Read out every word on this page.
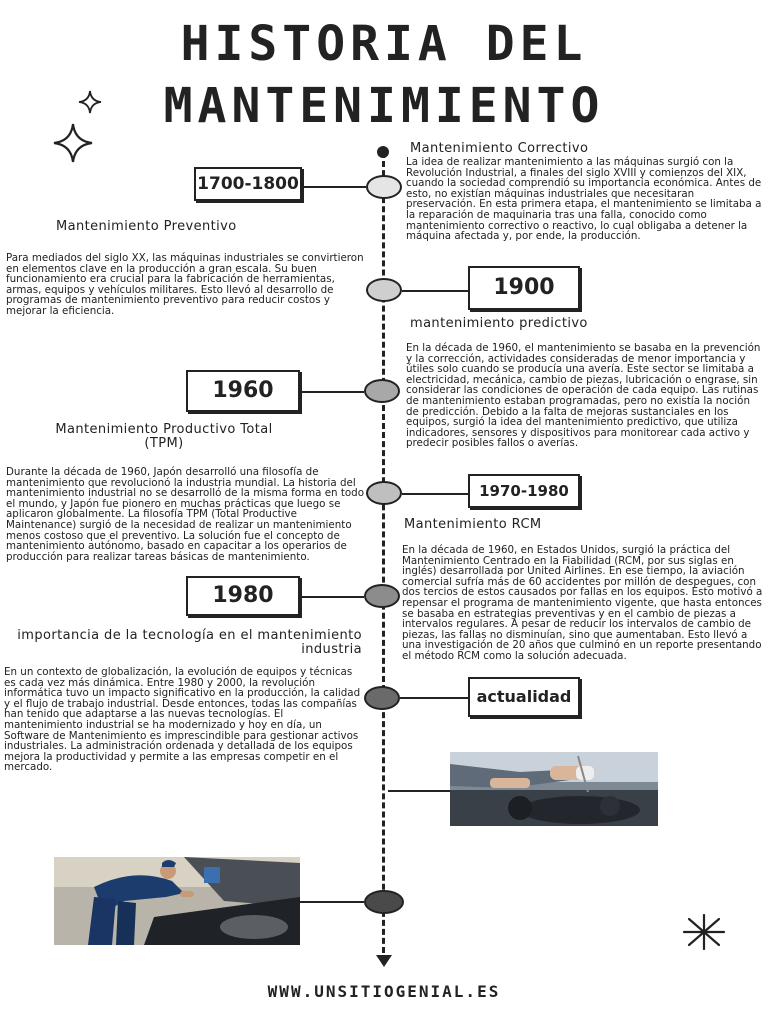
HISTORIA DEL
MANTENIMIENTO
1700-1800
Mantenimiento Correctivo

La idea de realizar mantenimiento a las máquinas surgió con la Revolución Industrial, a finales del siglo XVIII y comienzos del XIX, cuando la sociedad comprendió su importancia económica. Antes de esto, no existían máquinas industriales que necesitaran preservación. En esta primera etapa, el mantenimiento se limitaba a la reparación de maquinaria tras una falla, conocido como mantenimiento correctivo o reactivo, lo cual obligaba a detener la máquina afectada y, por ende, la producción.

Mantenimiento Preventivo

Para mediados del siglo XX, las máquinas industriales se convirtieron en elementos clave en la producción a gran escala. Su buen funcionamiento era crucial para la fabricación de herramientas, armas, equipos y vehículos militares. Esto llevó al desarrollo de programas de mantenimiento preventivo para reducir costos y mejorar la eficiencia.

1900
1960
mantenimiento predictivo

En la década de 1960, el mantenimiento se basaba en la prevención y la corrección, actividades consideradas de menor importancia y útiles solo cuando se producía una avería. Este sector se limitaba a electricidad, mecánica, cambio de piezas, lubricación o engrase, sin considerar las condiciones de operación de cada equipo. Las rutinas de mantenimiento estaban programadas, pero no existía la noción de predicción. Debido a la falta de mejoras sustanciales en los equipos, surgió la idea del mantenimiento predictivo, que utiliza indicadores, sensores y dispositivos para monitorear cada activo y predecir posibles fallos o averías.

Mantenimiento Productivo Total (TPM)

Durante la década de 1960, Japón desarrolló una filosofía de mantenimiento que revolucionó la industria mundial. La historia del mantenimiento industrial no se desarrolló de la misma forma en todo el mundo, y Japón fue pionero en muchas prácticas que luego se aplicaron globalmente. La filosofía TPM (Total Productive Maintenance) surgió de la necesidad de realizar un mantenimiento menos costoso que el preventivo. La solución fue el concepto de mantenimiento autónomo, basado en capacitar a los operarios de producción para realizar tareas básicas de mantenimiento.

1970-1980
1980
Mantenimiento RCM

En la década de 1960, en Estados Unidos, surgió la práctica del Mantenimiento Centrado en la Fiabilidad (RCM, por sus siglas en inglés) desarrollada por United Airlines. En ese tiempo, la aviación comercial sufría más de 60 accidentes por millón de despegues, con dos tercios de estos causados por fallas en los equipos. Esto motivó a repensar el programa de mantenimiento vigente, que hasta entonces se basaba en estrategias preventivas y en el cambio de piezas a intervalos regulares. A pesar de reducir los intervalos de cambio de piezas, las fallas no disminuían, sino que aumentaban. Esto llevó a una investigación de 20 años que culminó en un reporte presentando el método RCM como la solución adecuada.

importancia de la tecnología en el mantenimiento industria

En un contexto de globalización, la evolución de equipos y técnicas es cada vez más dinámica. Entre 1980 y 2000, la revolución informática tuvo un impacto significativo en la producción, la calidad y el flujo de trabajo industrial. Desde entonces, todas las compañías han tenido que adaptarse a las nuevas tecnologías. El mantenimiento industrial se ha modernizado y hoy en día, un Software de Mantenimiento es imprescindible para gestionar activos industriales. La administración ordenada y detallada de los equipos mejora la productividad y permite a las empresas competir en el mercado.

actualidad
WWW.UNSITIOGENIAL.ES
